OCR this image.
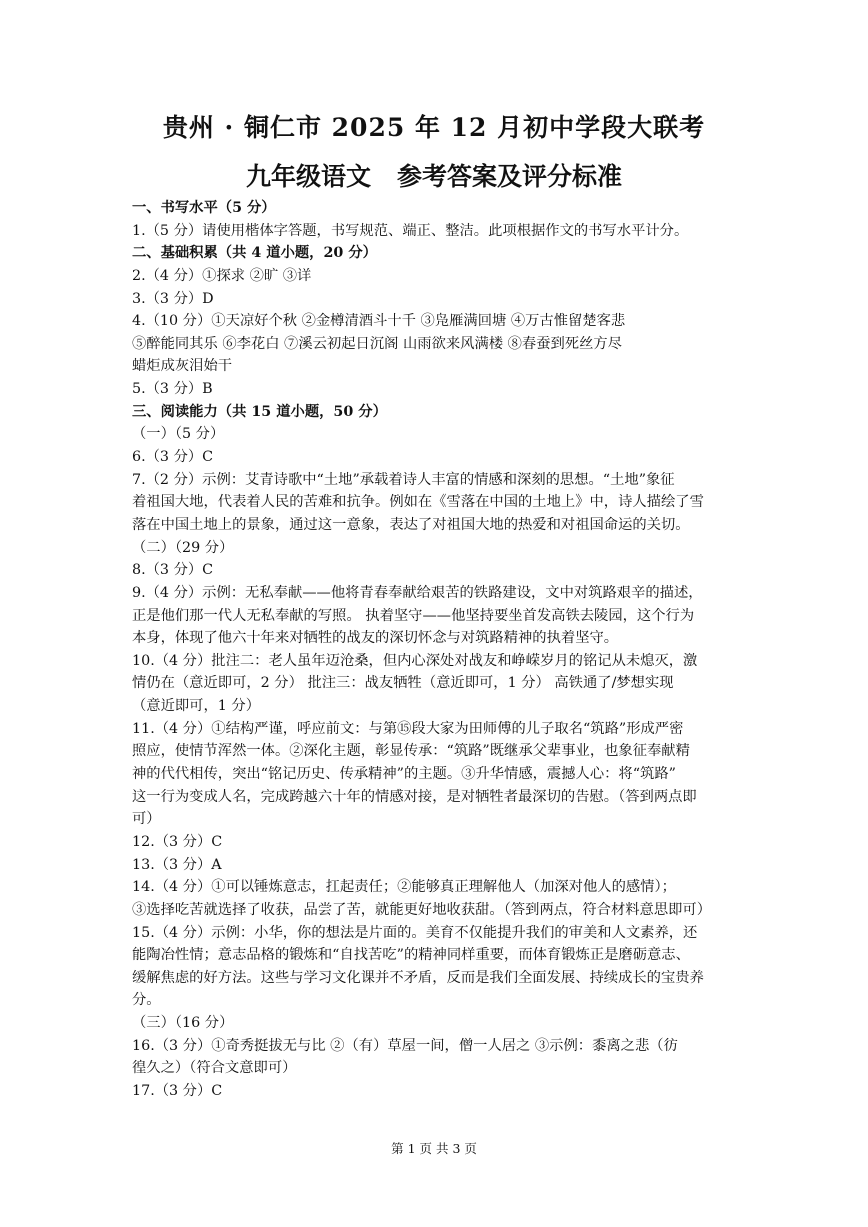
贵州 · 铜仁市 2025 年 12 月初中学段大联考
九年级语文   参考答案及评分标准
一、书写水平（5 分）
1.（5 分）请使用楷体字答题，书写规范、端正、整洁。此项根据作文的书写水平计分。
二、基础积累（共 4 道小题，20 分）
2.（4 分）①探求 ②旷 ③详
3.（3 分）D
4.（10 分）①天凉好个秋 ②金樽清酒斗十千 ③凫雁满回塘 ④万古惟留楚客悲
⑤醉能同其乐 ⑥李花白 ⑦溪云初起日沉阁 山雨欲来风满楼 ⑧春蚕到死丝方尽
蜡炬成灰泪始干
5.（3 分）B
三、阅读能力（共 15 道小题，50 分）
（一）（5 分）
6.（3 分）C
7.（2 分）示例：艾青诗歌中“土地”承载着诗人丰富的情感和深刻的思想。“土地”象征
着祖国大地，代表着人民的苦难和抗争。例如在《雪落在中国的土地上》中，诗人描绘了雪
落在中国土地上的景象，通过这一意象，表达了对祖国大地的热爱和对祖国命运的关切。
（二）（29 分）
8.（3 分）C
9.（4 分）示例：无私奉献——他将青春奉献给艰苦的铁路建设，文中对筑路艰辛的描述，
正是他们那一代人无私奉献的写照。 执着坚守——他坚持要坐首发高铁去陵园，这个行为
本身，体现了他六十年来对牺牲的战友的深切怀念与对筑路精神的执着坚守。
10.（4 分）批注二：老人虽年迈沧桑，但内心深处对战友和峥嵘岁月的铭记从未熄灭，激
情仍在（意近即可，2 分） 批注三：战友牺牲（意近即可，1 分） 高铁通了/梦想实现
（意近即可，1 分）
11.（4 分）①结构严谨，呼应前文：与第⑮段大家为田师傅的儿子取名“筑路”形成严密
照应，使情节浑然一体。②深化主题，彰显传承：“筑路”既继承父辈事业，也象征奉献精
神的代代相传，突出“铭记历史、传承精神”的主题。③升华情感，震撼人心：将“筑路”
这一行为变成人名，完成跨越六十年的情感对接，是对牺牲者最深切的告慰。（答到两点即
可）
12.（3 分）C
13.（3 分）A
14.（4 分）①可以锤炼意志，扛起责任；②能够真正理解他人（加深对他人的感情）；
③选择吃苦就选择了收获，品尝了苦，就能更好地收获甜。（答到两点，符合材料意思即可）
15.（4 分）示例：小华，你的想法是片面的。美育不仅能提升我们的审美和人文素养，还
能陶冶性情；意志品格的锻炼和“自找苦吃”的精神同样重要，而体育锻炼正是磨砺意志、
缓解焦虑的好方法。这些与学习文化课并不矛盾，反而是我们全面发展、持续成长的宝贵养
分。
（三）（16 分）
16.（3 分）①奇秀挺拔无与比 ②（有）草屋一间，僧一人居之 ③示例：黍离之悲（彷
徨久之）（符合文意即可）
17.（3 分）C
第 1 页 共 3 页
